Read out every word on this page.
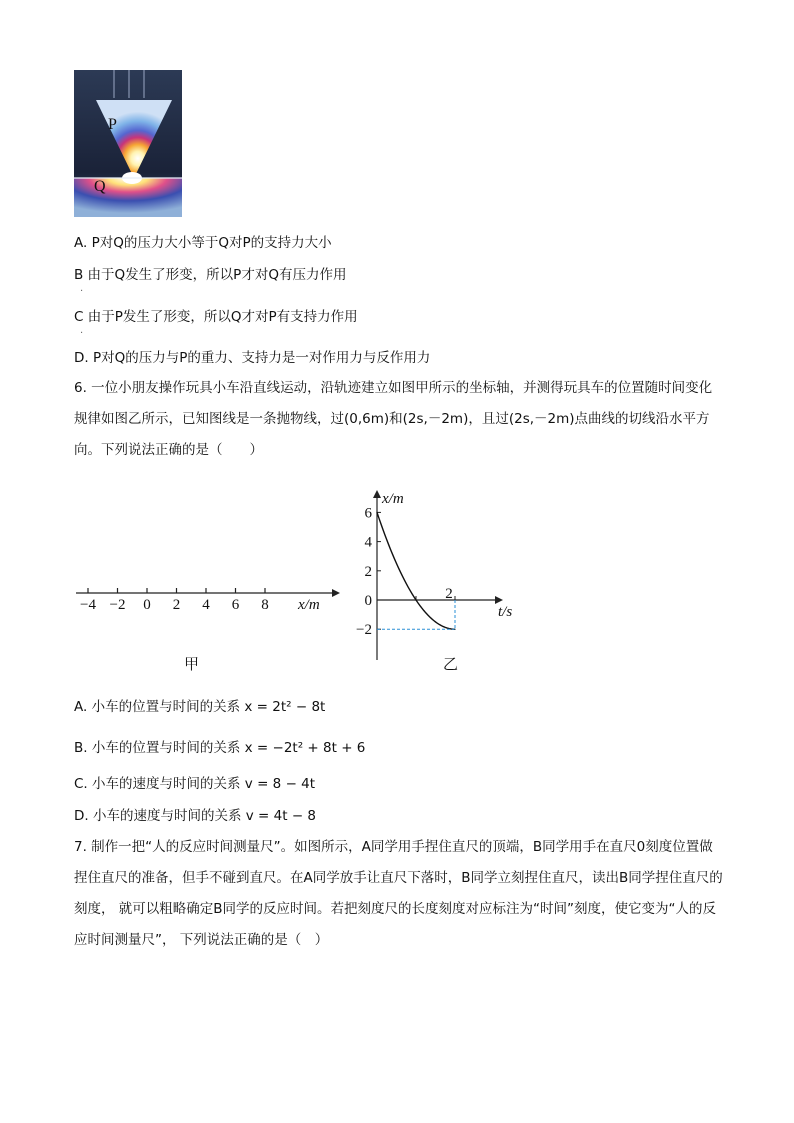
P
Q
A. P对Q的压力大小等于Q对P的支持力大小
B 由于Q发生了形变，所以P才对Q有压力作用
.
C 由于P发生了形变，所以Q才对P有支持力作用
.
D. P对Q的压力与P的重力、支持力是一对作用力与反作用力
6. 一位小朋友操作玩具小车沿直线运动，沿轨迹建立如图甲所示的坐标轴，并测得玩具车的位置随时间变化规律如图乙所示，已知图线是一条抛物线，过(0,6m)和(2s,－2m)，且过(2s,－2m)点曲线的切线沿水平方向。下列说法正确的是（　　）
−4 −2 0 2 4 6 8 x/m
甲
x/m
t/s
6
4
2
0
−2
2
乙
A. 小车的位置与时间的关系 x = 2t² − 8t
B. 小车的位置与时间的关系 x = −2t² + 8t + 6
C. 小车的速度与时间的关系 v = 8 − 4t
D. 小车的速度与时间的关系 v = 4t − 8
7. 制作一把“人的反应时间测量尺”。如图所示，A同学用手捏住直尺的顶端，B同学用手在直尺0刻度位置做捏住直尺的准备，但手不碰到直尺。在A同学放手让直尺下落时，B同学立刻捏住直尺，读出B同学捏住直尺的刻度， 就可以粗略确定B同学的反应时间。若把刻度尺的长度刻度对应标注为“时间”刻度，使它变为“人的反应时间测量尺”， 下列说法正确的是（　）
